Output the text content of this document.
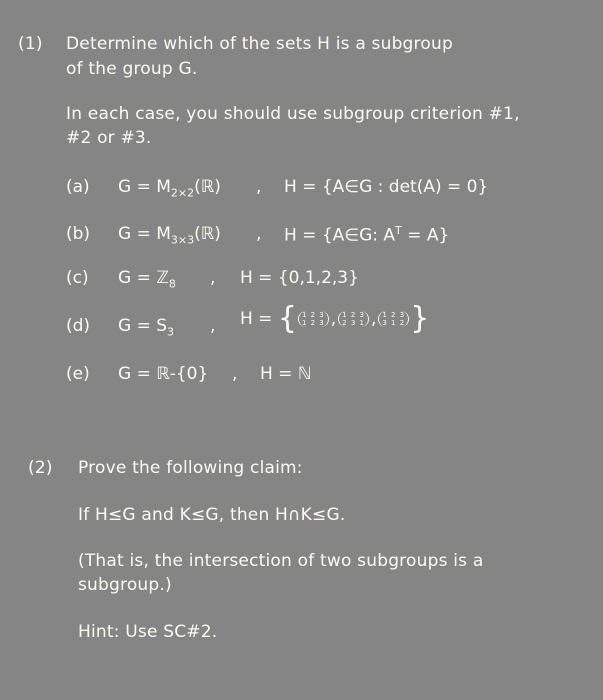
(1) Determine which of the sets H is a subgroup
of the group G.
In each case, you should use subgroup criterion #1,
#2 or #3.
(a) $G = M_{2\times 2}(ℝ)$ , H = {A∈G : det(A) = 0}
(b) $G = M_{3\times 3}(ℝ)$ , H = {A∈G: $A^T = A$}
(c) G = ℤ$_8$ , H = {0,1,2,3}
(d) $G = S_3$ , H = { 1 2 3
1 2 3 , 1 2 3
2 3 1 , 1 2 3
3 1 2 }
(e) G = ℝ-{0} , H = ℕ
(2) Prove the following claim:
If H≤G and K≤G, then H∩K≤G.
(That is, the intersection of two subgroups is a
subgroup.)
Hint: Use SC#2.
